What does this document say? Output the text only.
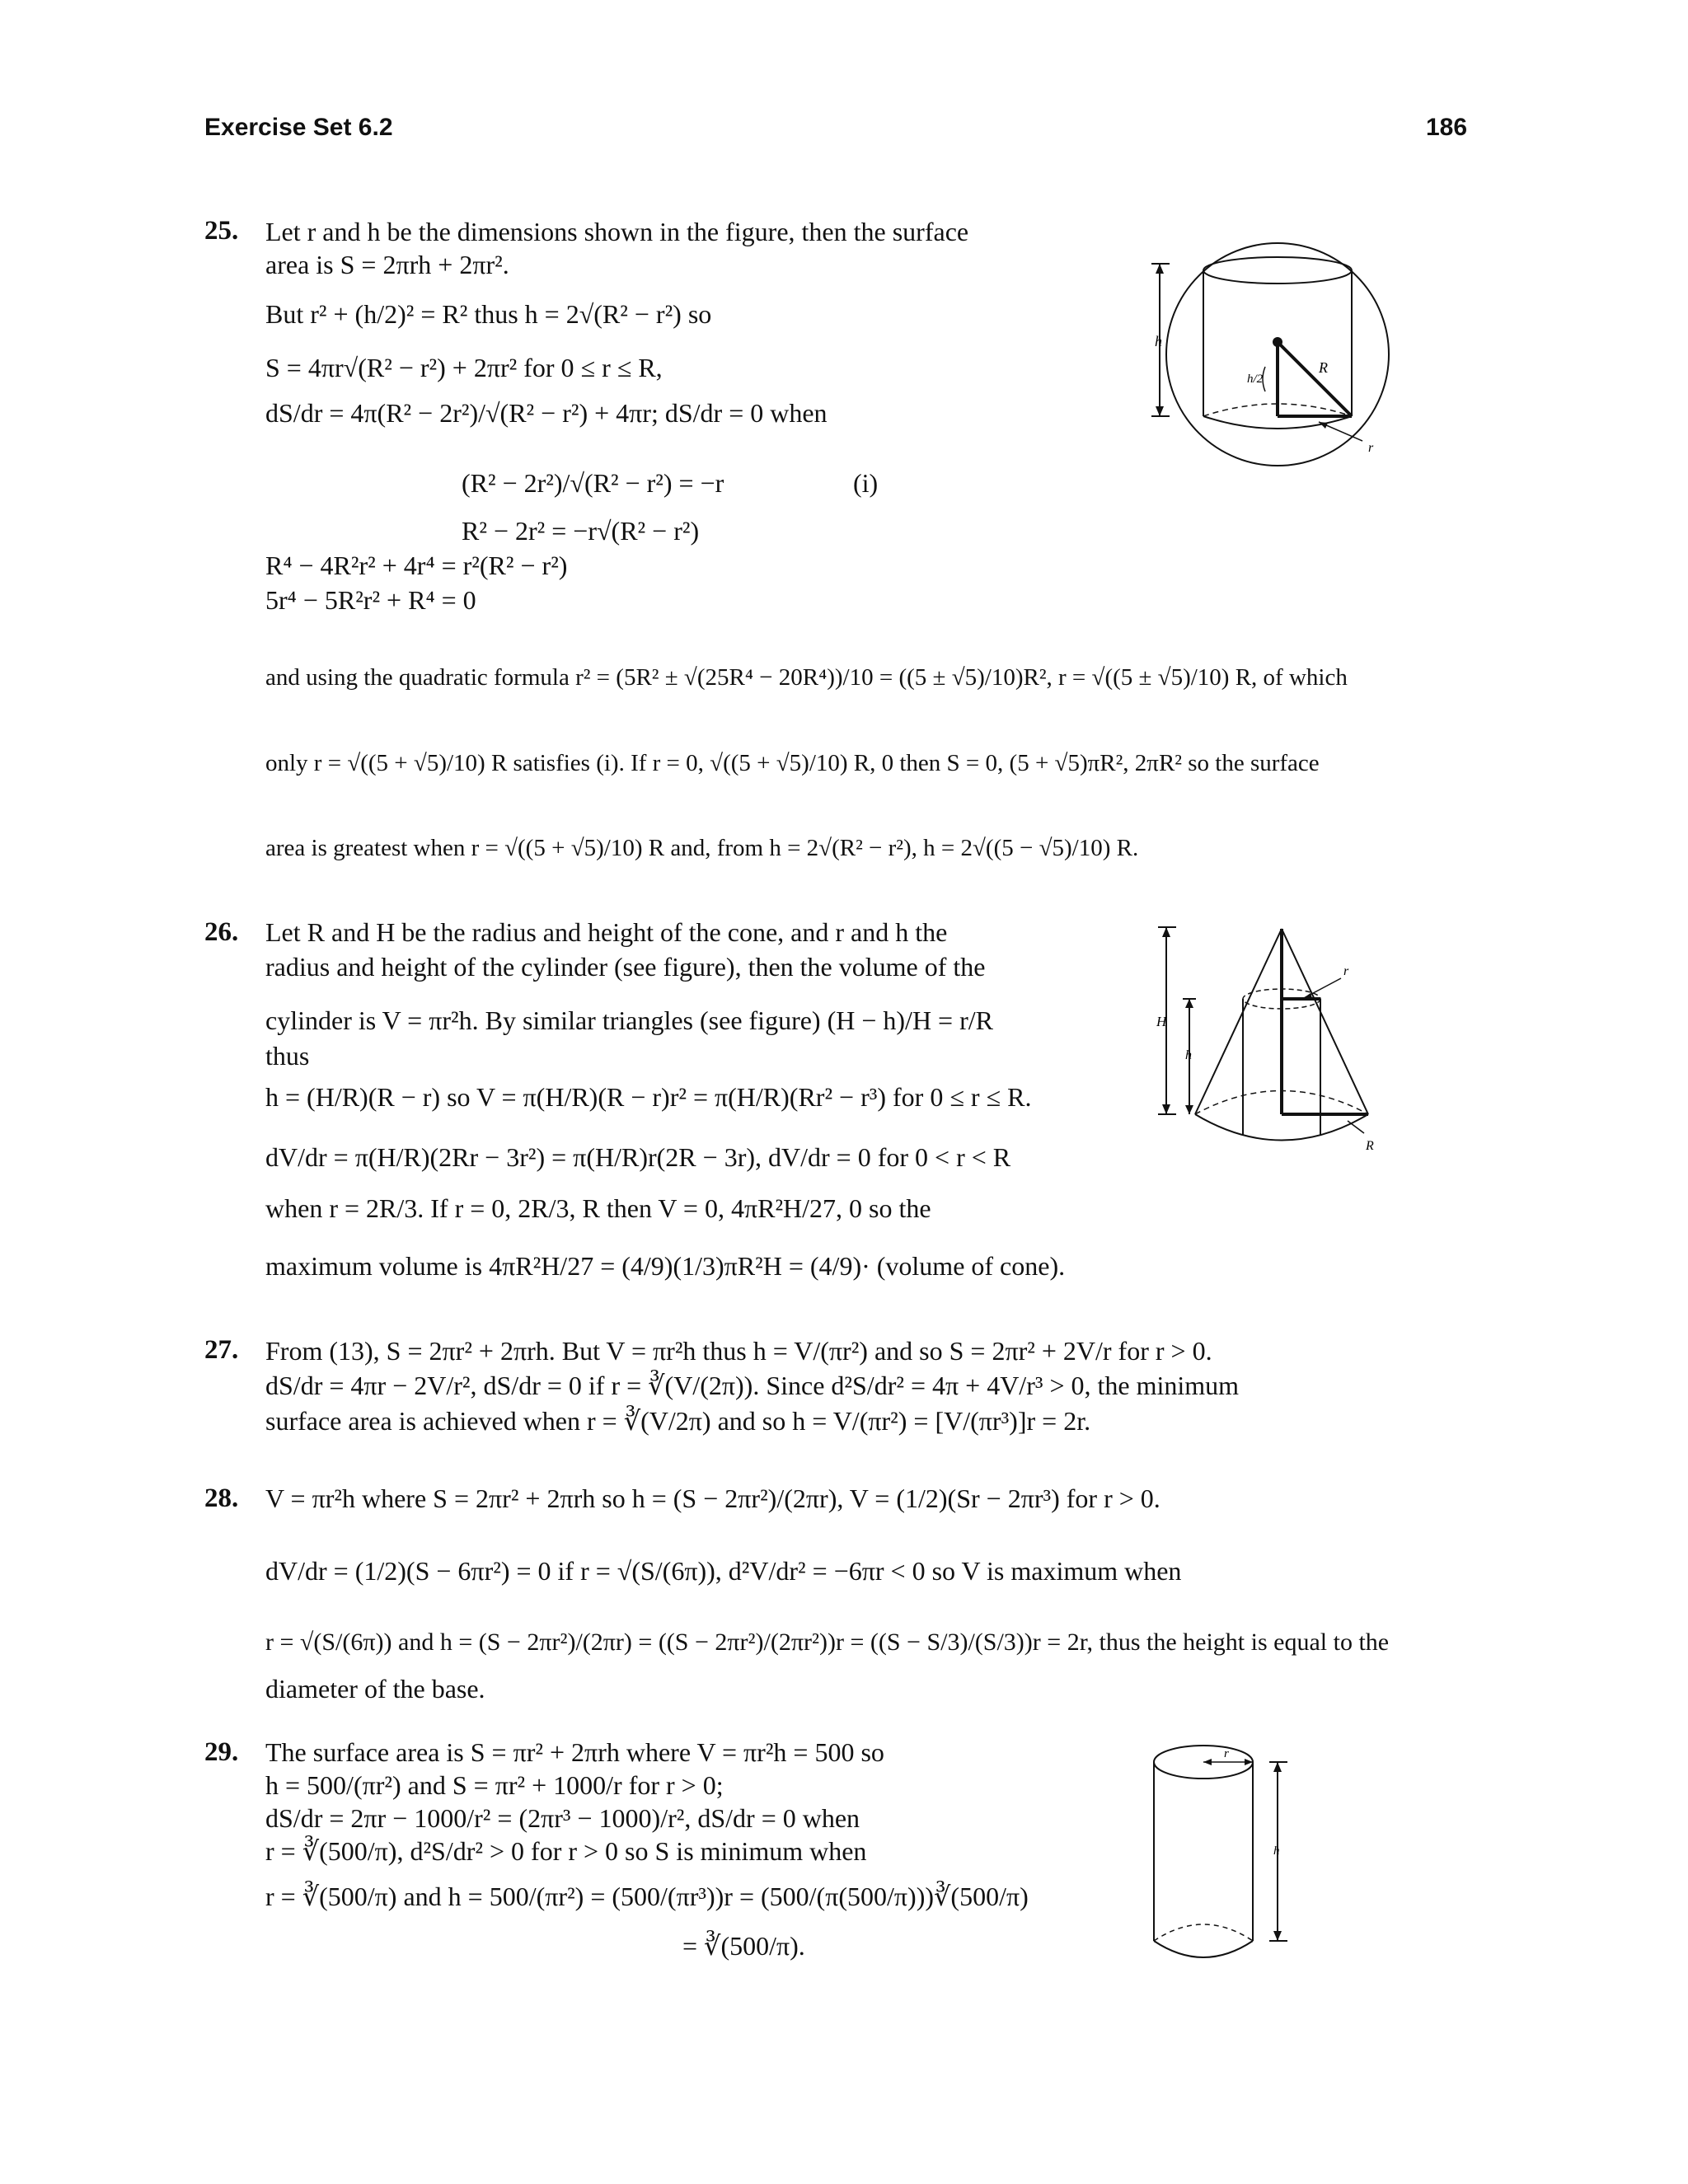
Exercise Set 6.2	186
25. Let r and h be the dimensions shown in the figure, then the surface
area is S = 2πrh + 2πr².
But r² + (h/2)² = R² thus h = 2√(R² − r²) so
S = 4πr√(R² − r²) + 2πr² for 0 ≤ r ≤ R,
dS/dr = 4π(R² − 2r²)/√(R² − r²) + 4πr; dS/dr = 0 when
(R² − 2r²)/√(R² − r²) = −r	(i)
R² − 2r² = −r√(R² − r²)
R⁴ − 4R²r² + 4r⁴ = r²(R² − r²)
5r⁴ − 5R²r² + R⁴ = 0
and using the quadratic formula r² = (5R² ± √(25R⁴ − 20R⁴))/10 = ((5 ± √5)/10)R², r = √((5 ± √5)/10) R, of which
only r = √((5 + √5)/10) R satisfies (i). If r = 0, √((5 + √5)/10) R, 0 then S = 0, (5 + √5)πR², 2πR² so the surface
area is greatest when r = √((5 + √5)/10) R and, from h = 2√(R² − r²), h = 2√((5 − √5)/10) R.
h
h/2
R
r
26. Let R and H be the radius and height of the cone, and r and h the
radius and height of the cylinder (see figure), then the volume of the
cylinder is V = πr²h. By similar triangles (see figure) (H − h)/H = r/R
thus
h = (H/R)(R − r) so V = π(H/R)(R − r)r² = π(H/R)(Rr² − r³) for 0 ≤ r ≤ R.
dV/dr = π(H/R)(2Rr − 3r²) = π(H/R)r(2R − 3r), dV/dr = 0 for 0 < r < R
when r = 2R/3. If r = 0, 2R/3, R then V = 0, 4πR²H/27, 0 so the
maximum volume is 4πR²H/27 = (4/9)(1/3)πR²H = (4/9)· (volume of cone).
H
h
r
R
27. From (13), S = 2πr² + 2πrh. But V = πr²h thus h = V/(πr²) and so S = 2πr² + 2V/r for r > 0.
dS/dr = 4πr − 2V/r², dS/dr = 0 if r = ∛(V/(2π)). Since d²S/dr² = 4π + 4V/r³ > 0, the minimum
surface area is achieved when r = ∛(V/2π) and so h = V/(πr²) = [V/(πr³)]r = 2r.
28. V = πr²h where S = 2πr² + 2πrh so h = (S − 2πr²)/(2πr), V = (1/2)(Sr − 2πr³) for r > 0.
dV/dr = (1/2)(S − 6πr²) = 0 if r = √(S/(6π)), d²V/dr² = −6πr < 0 so V is maximum when
r = √(S/(6π)) and h = (S − 2πr²)/(2πr) = ((S − 2πr²)/(2πr²))r = ((S − S/3)/(S/3))r = 2r, thus the height is equal to the
diameter of the base.
29. The surface area is S = πr² + 2πrh where V = πr²h = 500 so
h = 500/(πr²) and S = πr² + 1000/r for r > 0;
dS/dr = 2πr − 1000/r² = (2πr³ − 1000)/r², dS/dr = 0 when
r = ∛(500/π), d²S/dr² > 0 for r > 0 so S is minimum when
r = ∛(500/π) and h = 500/(πr²) = (500/(πr³))r = (500/(π(500/π)))∛(500/π)
= ∛(500/π).
r
h
